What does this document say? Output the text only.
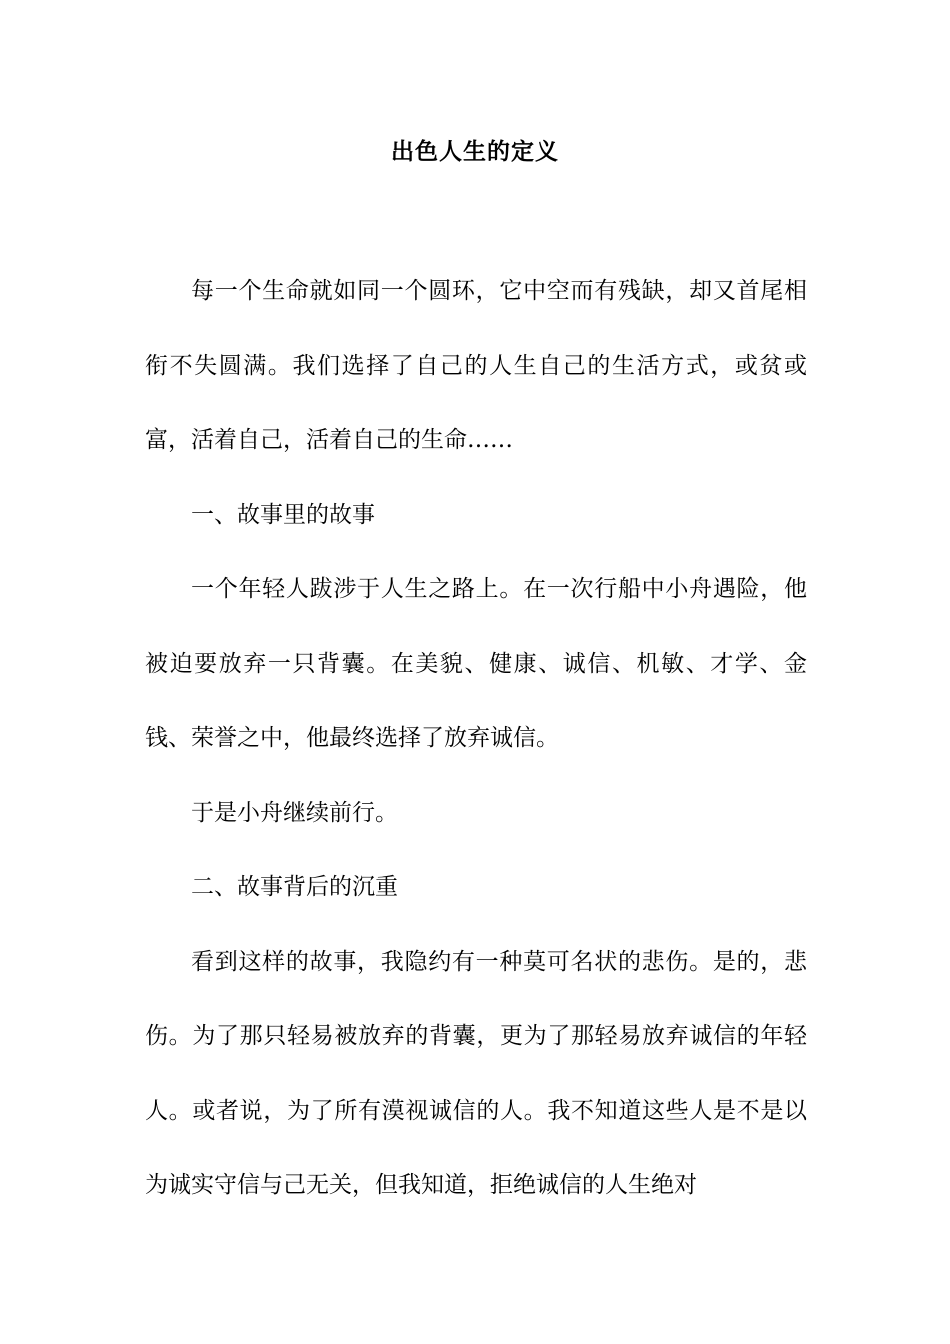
出色人生的定义

每一个生命就如同一个圆环，它中空而有残缺，却又首尾相衔不失圆满。我们选择了自己的人生自己的生活方式，或贫或富，活着自己，活着自己的生命……

一、故事里的故事

一个年轻人跋涉于人生之路上。在一次行船中小舟遇险，他被迫要放弃一只背囊。在美貌、健康、诚信、机敏、才学、金钱、荣誉之中，他最终选择了放弃诚信。

于是小舟继续前行。

二、故事背后的沉重

看到这样的故事，我隐约有一种莫可名状的悲伤。是的，悲伤。为了那只轻易被放弃的背囊，更为了那轻易放弃诚信的年轻人。或者说，为了所有漠视诚信的人。我不知道这些人是不是以为诚实守信与己无关，但我知道，拒绝诚信的人生绝对
